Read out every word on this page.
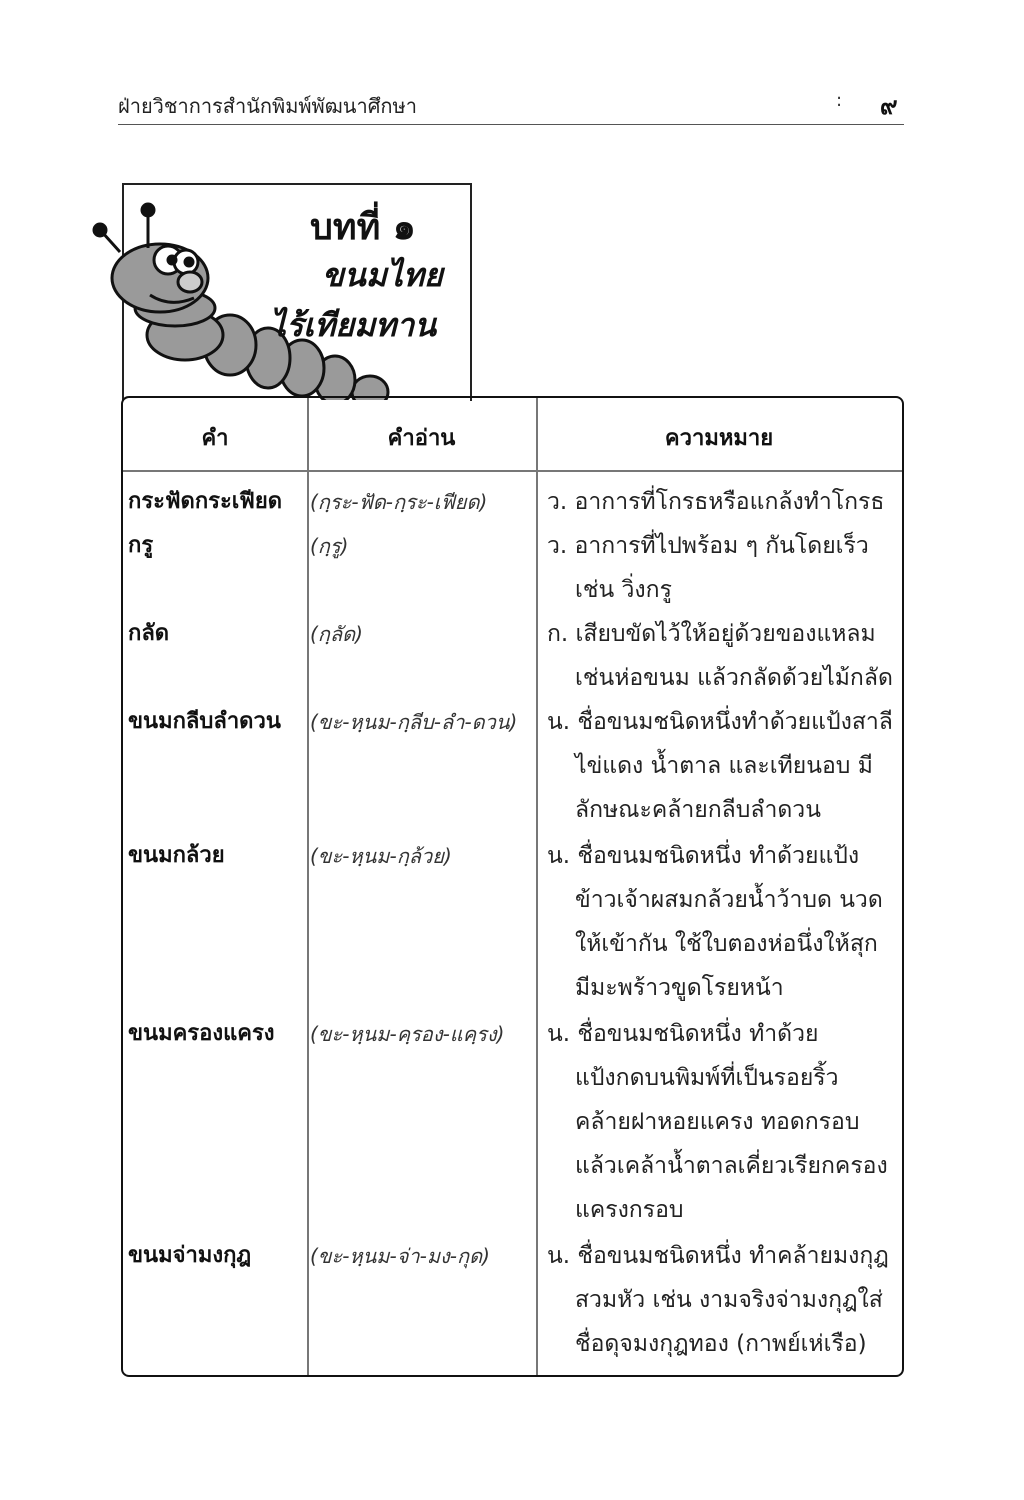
ฝ่ายวิชาการสำนักพิมพ์พัฒนาศึกษา	: ๙
บทที่ ๑
ขนมไทย
ไร้เทียมทาน
คำ	คำอ่าน	ความหมาย
กระฟัดกระเฟียด (กฺระ-ฟัด-กฺระ-เฟียด)	ว. อาการที่โกรธหรือแกล้งทำโกรธ
กรู	(กฺรู)	ว. อาการที่ไปพร้อม ๆ กันโดยเร็ว
เช่น วิ่งกรู
กลัด	(กฺลัด)	ก. เสียบขัดไว้ให้อยู่ด้วยของแหลม
เช่นห่อขนม แล้วกลัดด้วยไม้กลัด
ขนมกลีบลำดวน (ขะ-หฺนม-กฺลีบ-ลำ-ดวน) น. ชื่อขนมชนิดหนึ่งทำด้วยแป้งสาลี
ไข่แดง น้ำตาล และเทียนอบ มี
ลักษณะคล้ายกลีบลำดวน
ขนมกล้วย	(ขะ-หฺนม-กฺล้วย)	น. ชื่อขนมชนิดหนึ่ง ทำด้วยแป้ง
ข้าวเจ้าผสมกล้วยน้ำว้าบด นวด
ให้เข้ากัน ใช้ใบตองห่อนึ่งให้สุก
มีมะพร้าวขูดโรยหน้า
ขนมครองแครง (ขะ-หฺนม-คฺรอง-แคฺรง) น. ชื่อขนมชนิดหนึ่ง ทำด้วย
แป้งกดบนพิมพ์ที่เป็นรอยริ้ว
คล้ายฝาหอยแครง ทอดกรอบ
แล้วเคล้าน้ำตาลเคี่ยวเรียกครอง
แครงกรอบ
ขนมจ่ามงกุฎ	(ขะ-หฺนม-จ่า-มง-กุด) น. ชื่อขนมชนิดหนึ่ง ทำคล้ายมงกุฎ
สวมหัว เช่น งามจริงจ่ามงกุฎใส่
ชื่อดุจมงกุฎทอง (กาพย์เห่เรือ)
